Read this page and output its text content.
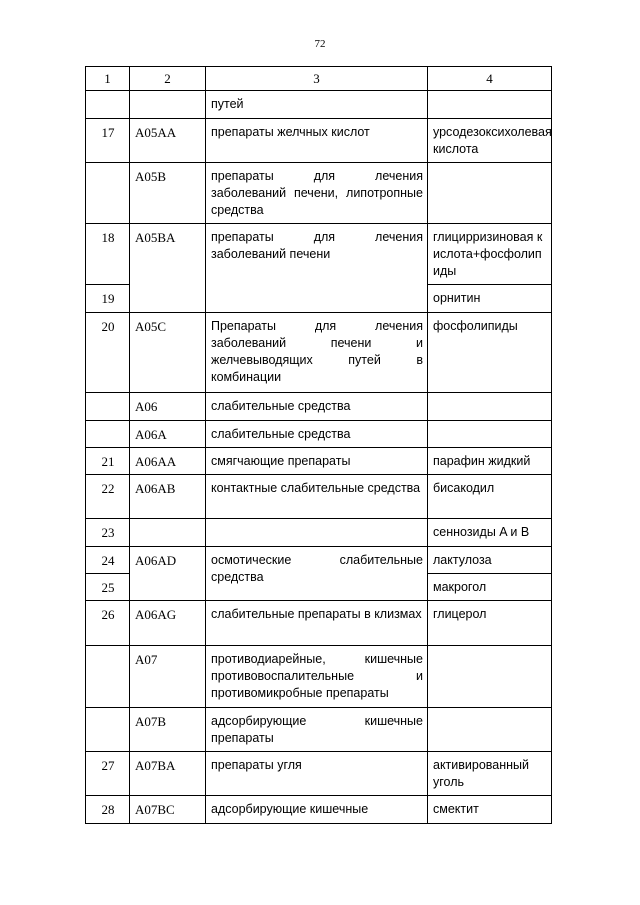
72
1	2	3	4
		путей	
17	A05AA	препараты желчных кислот	урсодезоксихолевая кислота
	A05B	препараты для лечения заболеваний печени, липотропные средства	
18	A05BA	препараты для лечения заболеваний печени	глицирризиновая кислота+фосфолипиды
19			орнитин
20	A05C	Препараты для лечения заболеваний печени и желчевыводящих путей в комбинации	фосфолипиды
	A06	слабительные средства	
	A06A	слабительные средства	
21	A06AA	смягчающие препараты	парафин жидкий
22	A06AB	контактные слабительные средства	бисакодил
23			сеннозиды A и B
24	A06AD	осмотические слабительные средства	лактулоза
25			макрогол
26	A06AG	слабительные препараты в клизмах	глицерол
	A07	противодиарейные, кишечные противовоспалительные и противомикробные препараты	
	A07B	адсорбирующие кишечные препараты	
27	A07BA	препараты угля	активированный уголь
28	A07BC	адсорбирующие кишечные	смектит
